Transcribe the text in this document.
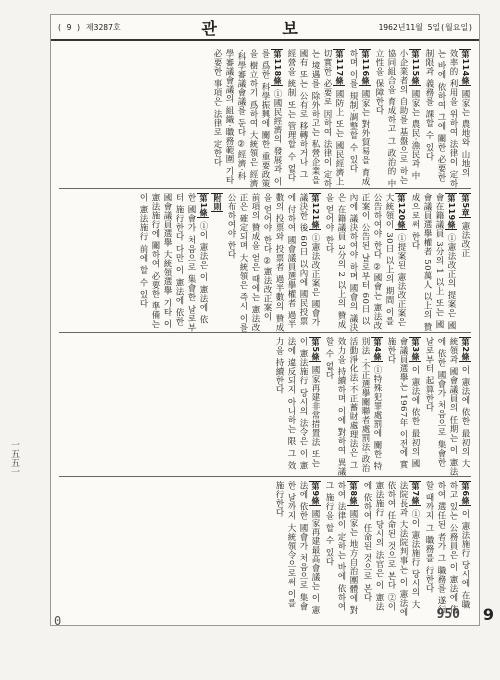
( 9 ) 제3287호	관 보	1962년11월 5일(월요일)
第114條 國家는 農地와 山地의 效率的 利用을 위하여 法律이 定하는 바에 依하여 그에 關한 必要한 制限과 義務를 課할 수 있다
第115條 國家는 農民·漁民과 中小企業者의 自助를 基盤으로 하는 協同組合을 育成하고 그 政治的 中立性을 保障한다
第116條 國家는 對外貿易을 育成하며 이를 規制·調整할 수 있다
第117條 國防上 또는 國民經濟上 切實한 必要로 因하여 法律이 定하는 境遇를 除外하고는 私營企業을 國有 또는 公有로 移轉하거나 그 經營을 統制 또는 管理할 수 없다
第118條 ①國民經濟의 發展과 이를 爲한 科學振興에 關한 重要政策을 樹立하기 爲하여 大統領은 經濟·科學審議會議를 둔다 ②經濟·科學審議會議의 組織·職務範圍 기타 必要한 事項은 法律로 定한다
第5章 憲法改正
第119條 ①憲法改正의 提案은 國會在籍議員 3分의 1 以上 또는 國會議員選擧權者 50萬人 以上의 贊成으로써 한다
第120條 ①提案된 憲法改正案은 大統領이 30日 以上의 期間 이를 公告하여야 한다 ②國會는 憲法改正案이 公告된 날로부터 60日 以內에 議決하여야 하며 國會의 議決은 在籍議員 3分의 2 以上의 贊成을 얻어야 한다
第121條 ①憲法改正案은 國會가 議決한 後 60日 以內에 國民投票에 付하여 國會議員選擧權者 過半數의 投票와 投票者 過半數의 贊成을 얻어야 한다 ②憲法改正案이 前項의 贊成을 얻은 때에는 憲法改正은 確定되며 大統領은 즉시 이를 公布하여야 한다
附則
第1條 ①이 憲法은 이 憲法에 依한 國會가 처음으로 集會한 날로부터 施行한다 다만 이 憲法에 依한 國會議員選擧 大統領選擧 기타 이 憲法施行에 關하여 必要한 準備는 이 憲法施行 前에 할 수 있다
第2條 이 憲法에 依한 最初의 大統領과 國會議員의 任期는 이 憲法에 依한 國會가 처음으로 集會한 날로부터 起算한다
第3條 이 憲法에 依한 最初의 國會議員選擧는 1967年 이전에 實施한다
第4條 ①特殊犯罪處罰에 關한 特別法 ·不正選擧關聯者處罰法·政治活動淨化法·不正蓄財處理法은 그 效力을 持續하며 이에 對하여 異議할 수 없다
第5條 國家再建非常措置法 또는 이 憲法施行 당시의 法令은 이 憲法에 違反되지 아니하는 限 그 效力을 持續한다
第6條 이 憲法施行 당시에 在職하고 있는 公務員은 이 憲法에 依하여 選任된 者가 그 職務를 遂行할 때까지 그 職務를 行한다
第7條 ①이 憲法施行 당시의 大法院長과 大法院判事는 이 憲法에 依하여 任命된 것으로 본다 ②이 憲法施行 당시의 法官은 이 憲法에 依하여 任命된 것으로 본다
第8條 國家는 地方自治團體에 對하여 法律이 定하는 바에 依하여 그 施行을 할 수 있다
第9條 國家再建最高會議는 이 憲法에 依한 國會가 처음으로 集會한 날까지 大統領令으로써 이를 施行한다
一五五一
950 9
0
